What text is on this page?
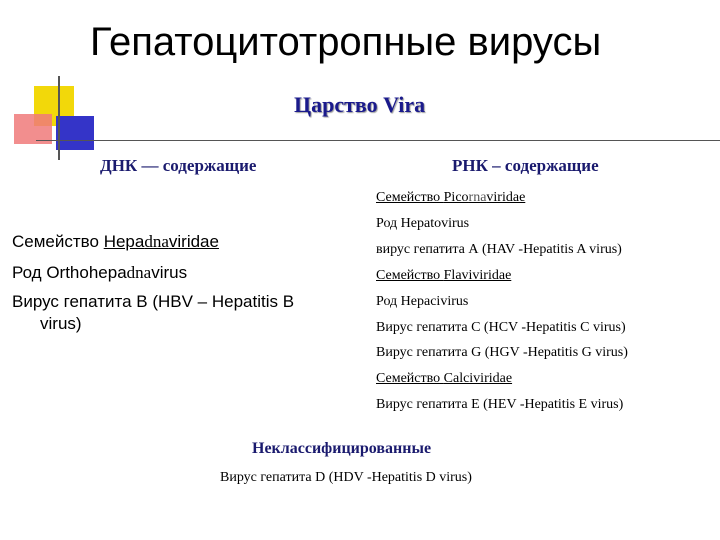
Гепатоцитотропные вирусы
Царство Vira
ДНК — содержащие	РНК – содержащие
Семейство Hepadnaviridae
Род Orthohepadnavirus
Вирус гепатита В (HBV – Hepatitis B
virus)
Семейство Picornaviridae
Род Hepatovirus
вирус гепатита А (HAV -Hepatitis A virus)
Семейство Flaviviridae
Род Hepacivirus
Вирус гепатита С (HCV -Hepatitis C virus)
Вирус гепатита G (HGV -Hepatitis G virus)
Семейство Calciviridae
Вирус гепатита Е (HEV -Hepatitis E virus)
Неклассифицированные
Вирус гепатита D (HDV -Hepatitis D virus)
